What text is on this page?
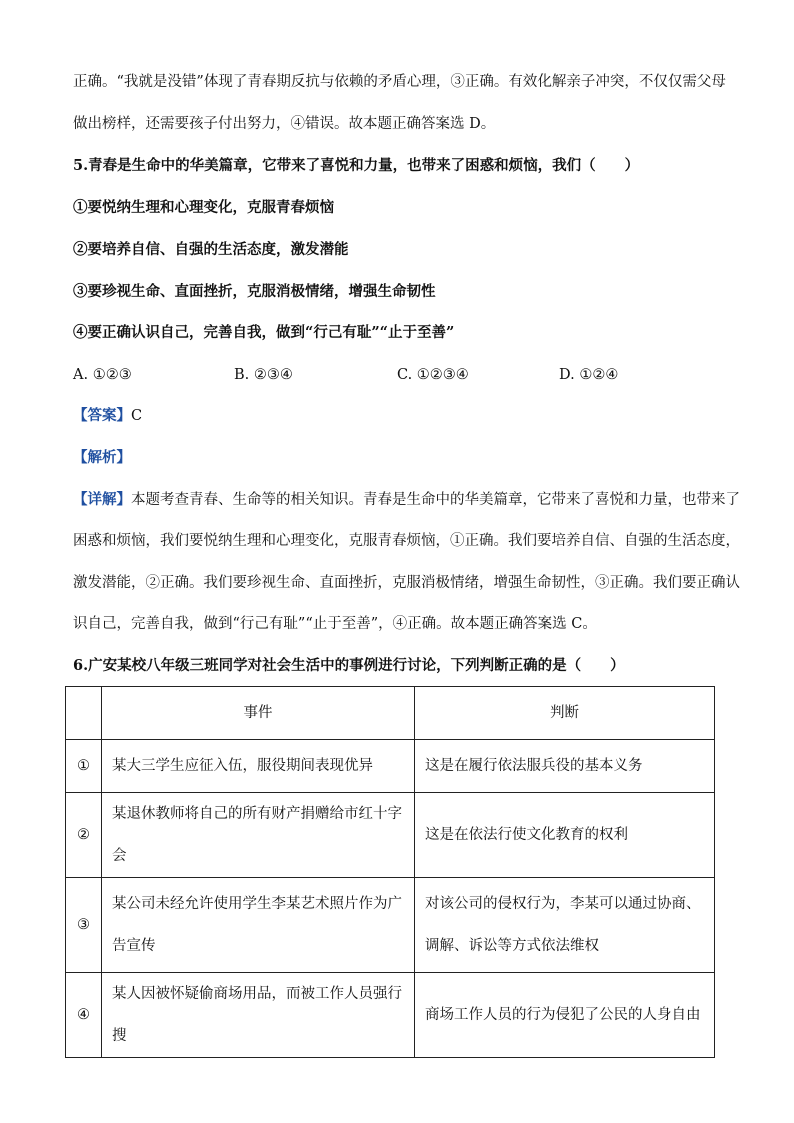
正确。“我就是没错”体现了青春期反抗与依赖的矛盾心理，③正确。有效化解亲子冲突，不仅仅需父母
做出榜样，还需要孩子付出努力，④错误。故本题正确答案选 D。
5.青春是生命中的华美篇章，它带来了喜悦和力量，也带来了困惑和烦恼，我们（　　）
①要悦纳生理和心理变化，克服青春烦恼
②要培养自信、自强的生活态度，激发潜能
③要珍视生命、直面挫折，克服消极情绪，增强生命韧性
④要正确认识自己，完善自我，做到“行己有耻”“止于至善”
A. ①②③	B. ②③④	C. ①②③④	D. ①②④
【答案】C
【解析】
【详解】本题考查青春、生命等的相关知识。青春是生命中的华美篇章，它带来了喜悦和力量，也带来了
困惑和烦恼，我们要悦纳生理和心理变化，克服青春烦恼，①正确。我们要培养自信、自强的生活态度，
激发潜能，②正确。我们要珍视生命、直面挫折，克服消极情绪，增强生命韧性，③正确。我们要正确认
识自己，完善自我，做到“行己有耻”“止于至善”，④正确。故本题正确答案选 C。
6.广安某校八年级三班同学对社会生活中的事例进行讨论，下列判断正确的是（　　）
	事件	判断
①	某大三学生应征入伍，服役期间表现优异	这是在履行依法服兵役的基本义务
②	某退休教师将自己的所有财产捐赠给市红十字会	这是在依法行使文化教育的权利
③	某公司未经允许使用学生李某艺术照片作为广告宣传	对该公司的侵权行为，李某可以通过协商、调解、诉讼等方式依法维权
④	某人因被怀疑偷商场用品，而被工作人员强行搜	商场工作人员的行为侵犯了公民的人身自由
